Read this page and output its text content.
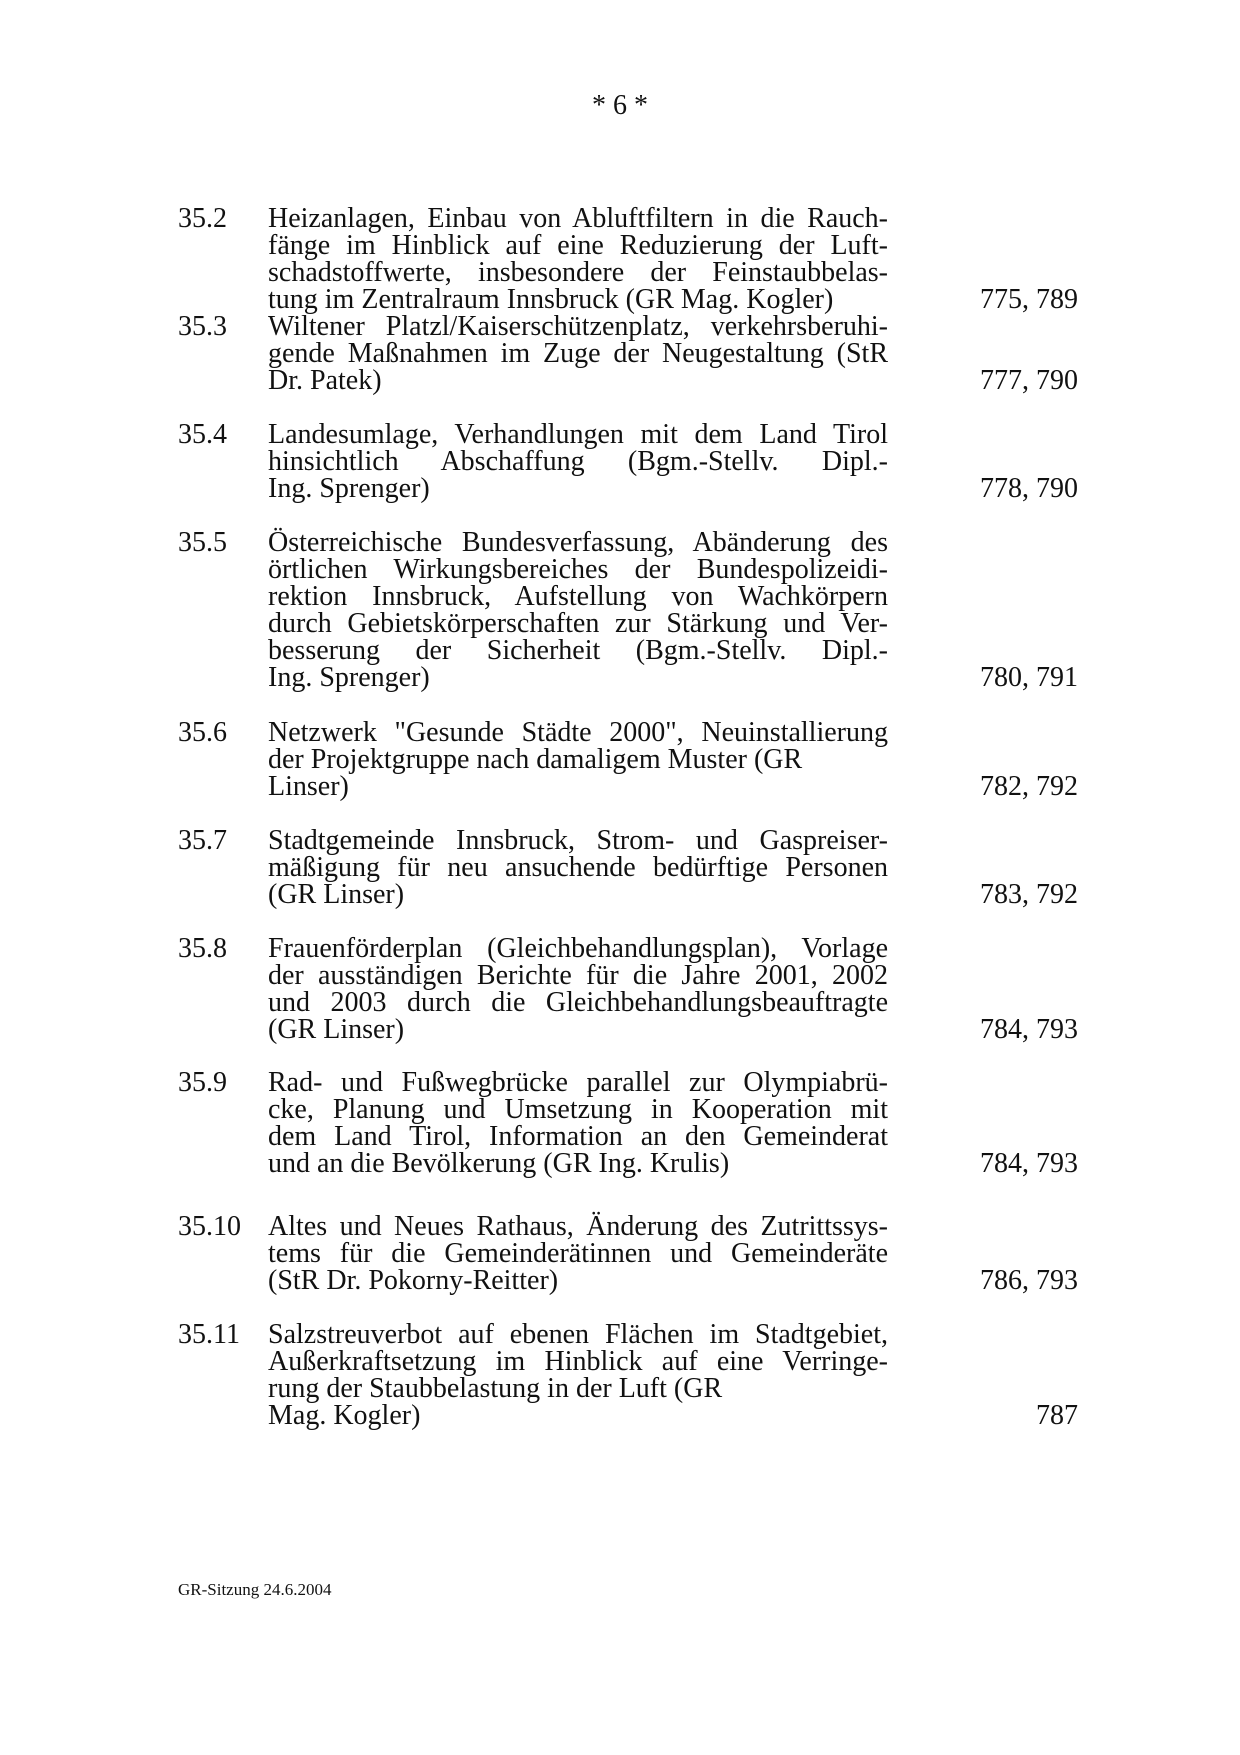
* 6 *
35.2 Heizanlagen, Einbau von Abluftfiltern in die Rauch-
fänge im Hinblick auf eine Reduzierung der Luft-
schadstoffwerte, insbesondere der Feinstaubbelas-
tung im Zentralraum Innsbruck (GR Mag. Kogler)	775, 789
35.3 Wiltener Platzl/Kaiserschützenplatz, verkehrsberuhi-
gende Maßnahmen im Zuge der Neugestaltung (StR
Dr. Patek)	777, 790
35.4 Landesumlage, Verhandlungen mit dem Land Tirol
hinsichtlich Abschaffung (Bgm.-Stellv. Dipl.-
Ing. Sprenger)	778, 790
35.5 Österreichische Bundesverfassung, Abänderung des
örtlichen Wirkungsbereiches der Bundespolizeidi-
rektion Innsbruck, Aufstellung von Wachkörpern
durch Gebietskörperschaften zur Stärkung und Ver-
besserung der Sicherheit (Bgm.-Stellv. Dipl.-
Ing. Sprenger)	780, 791
35.6 Netzwerk "Gesunde Städte 2000", Neuinstallierung
der Projektgruppe nach damaligem Muster (GR
Linser)	782, 792
35.7 Stadtgemeinde Innsbruck, Strom- und Gaspreiser-
mäßigung für neu ansuchende bedürftige Personen
(GR Linser)	783, 792
35.8 Frauenförderplan (Gleichbehandlungsplan), Vorlage
der ausständigen Berichte für die Jahre 2001, 2002
und 2003 durch die Gleichbehandlungsbeauftragte
(GR Linser)	784, 793
35.9 Rad- und Fußwegbrücke parallel zur Olympiabrü-
cke, Planung und Umsetzung in Kooperation mit
dem Land Tirol, Information an den Gemeinderat
und an die Bevölkerung (GR Ing. Krulis)	784, 793
35.10 Altes und Neues Rathaus, Änderung des Zutrittssys-
tems für die Gemeinderätinnen und Gemeinderäte
(StR Dr. Pokorny-Reitter)	786, 793
35.11 Salzstreuverbot auf ebenen Flächen im Stadtgebiet,
Außerkraftsetzung im Hinblick auf eine Verringe-
rung der Staubbelastung in der Luft (GR
Mag. Kogler)	787
GR-Sitzung 24.6.2004
